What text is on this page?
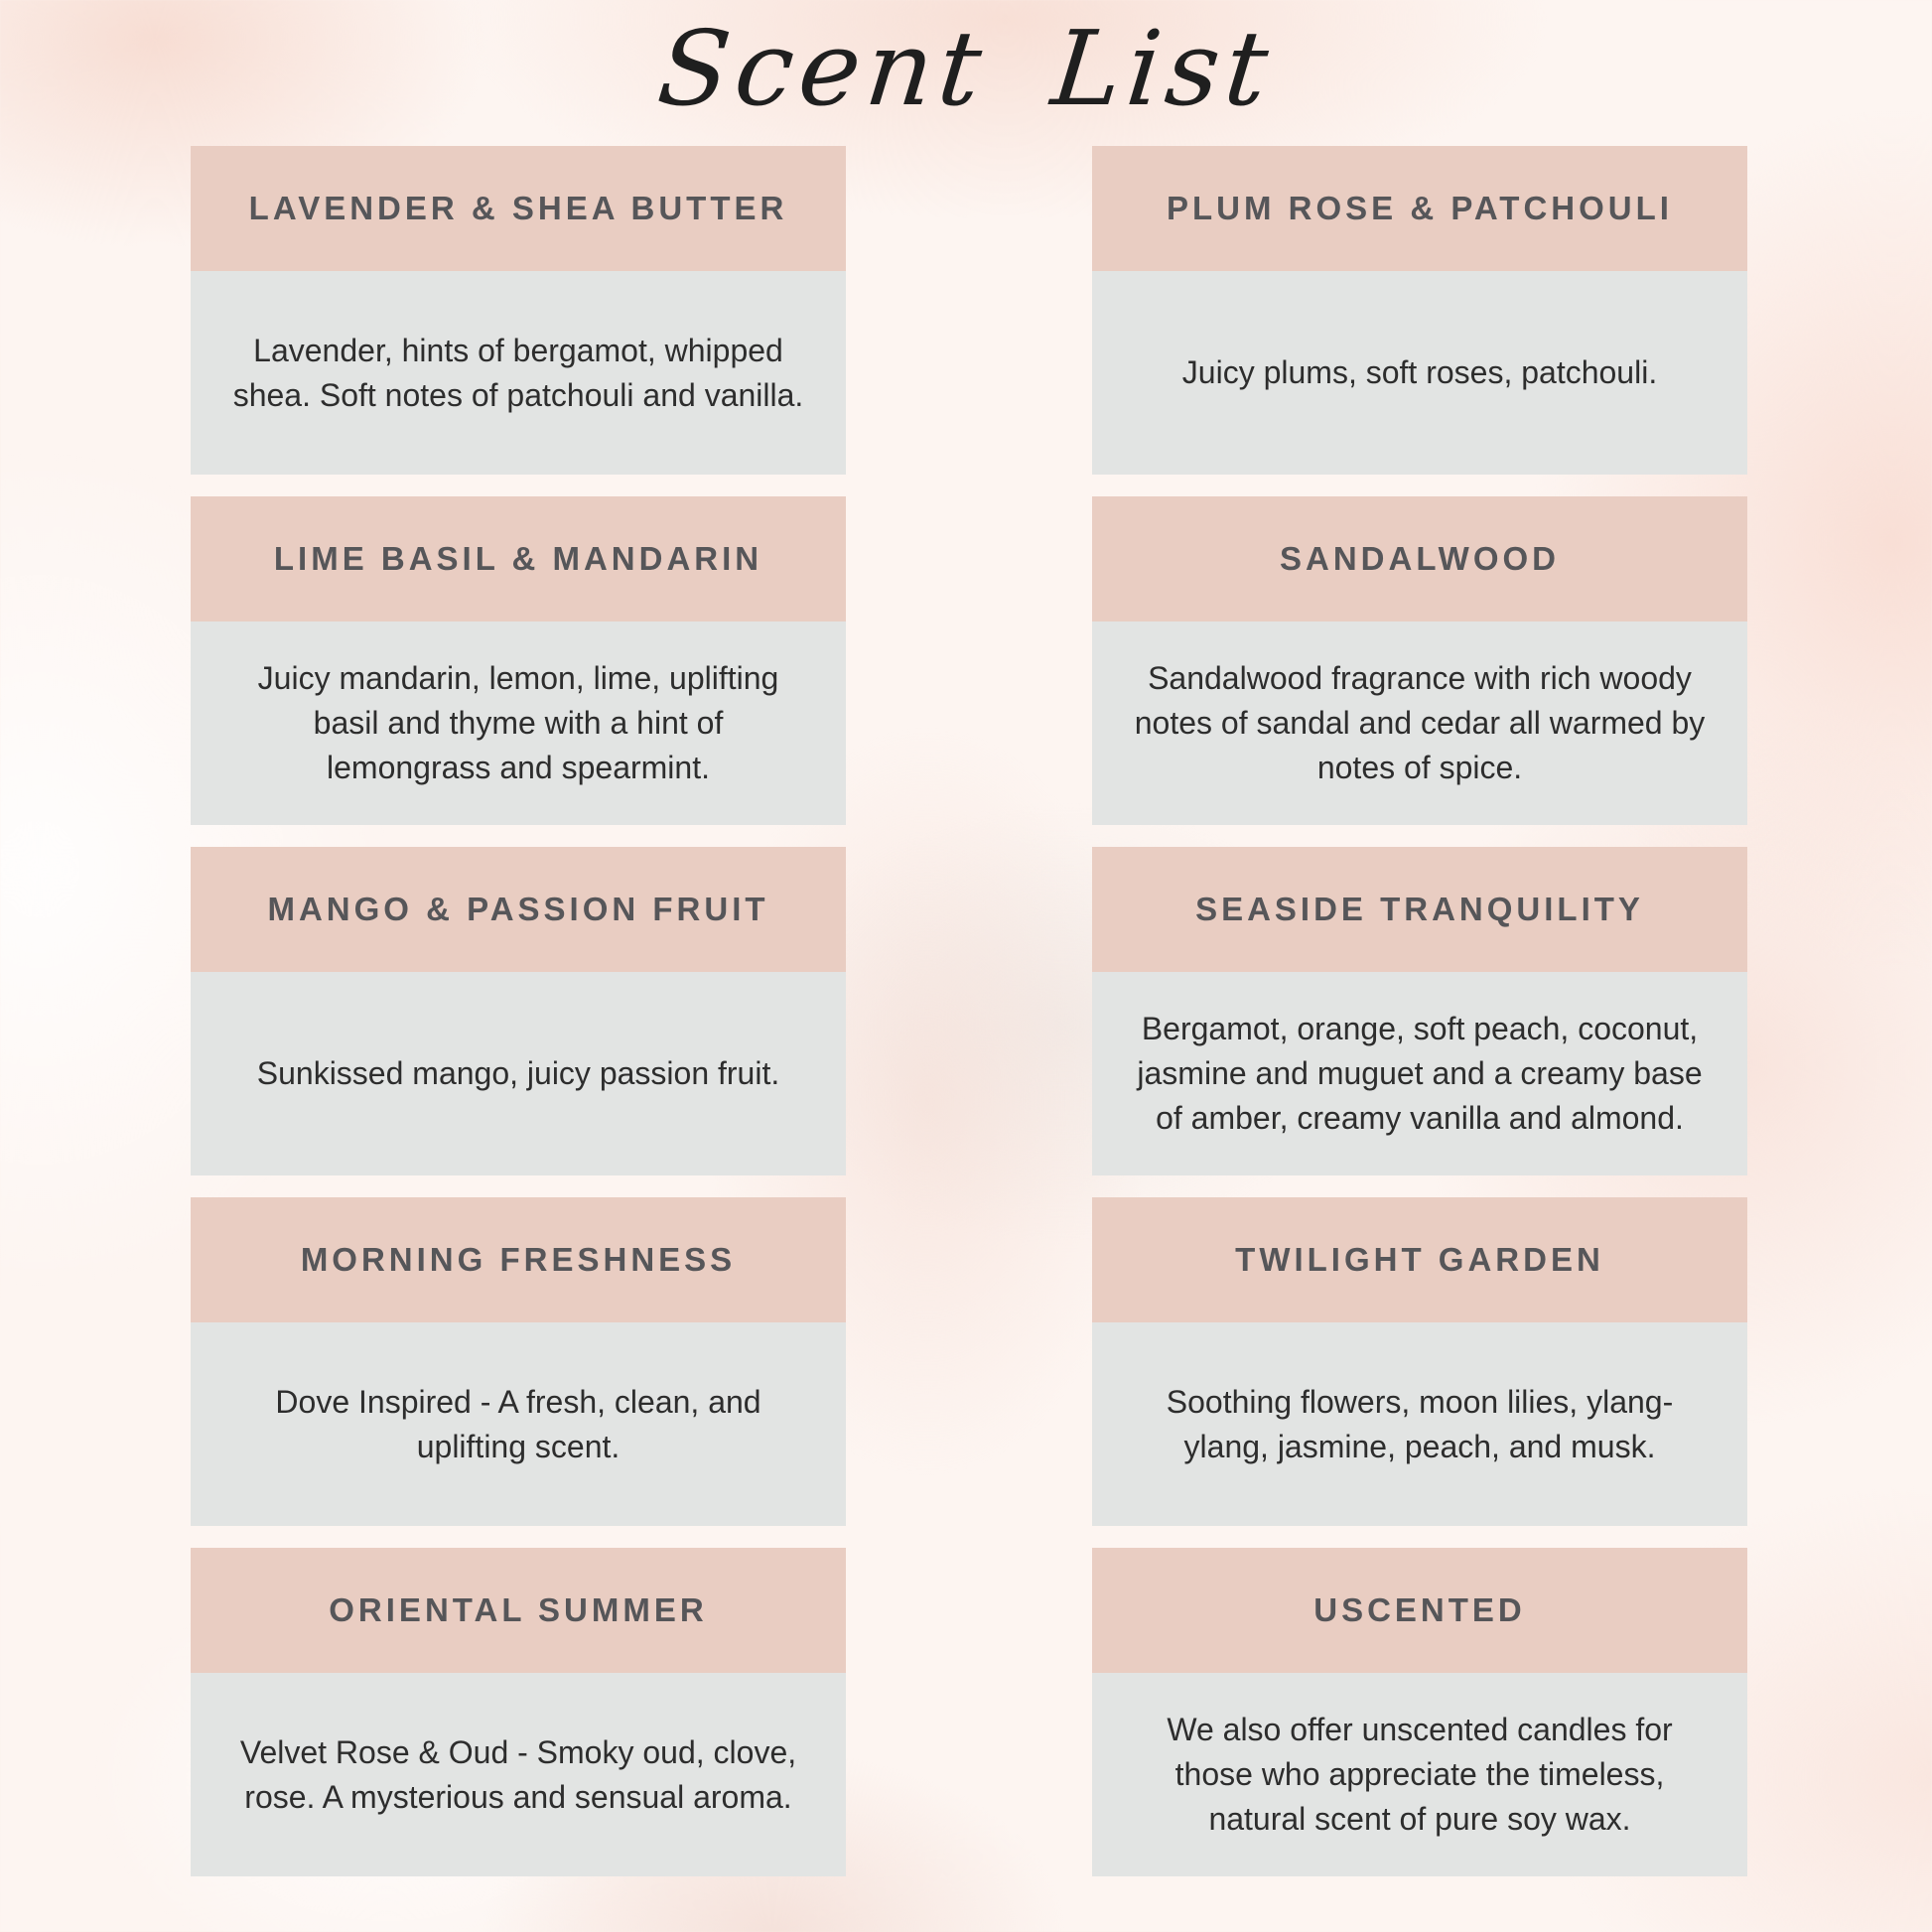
Scent List
LAVENDER & SHEA BUTTER
Lavender, hints of bergamot, whipped shea. Soft notes of patchouli and vanilla.
LIME BASIL & MANDARIN
Juicy mandarin, lemon, lime, uplifting basil and thyme with a hint of lemongrass and spearmint.
MANGO & PASSION FRUIT
Sunkissed mango, juicy passion fruit.
MORNING FRESHNESS
Dove Inspired - A fresh, clean, and uplifting scent.
ORIENTAL SUMMER
Velvet Rose & Oud - Smoky oud, clove, rose. A mysterious and sensual aroma.
PLUM ROSE & PATCHOULI
Juicy plums, soft roses, patchouli.
SANDALWOOD
Sandalwood fragrance with rich woody notes of sandal and cedar all warmed by notes of spice.
SEASIDE TRANQUILITY
Bergamot, orange, soft peach, coconut, jasmine and muguet and a creamy base of amber, creamy vanilla and almond.
TWILIGHT GARDEN
Soothing flowers, moon lilies, ylang-ylang, jasmine, peach, and musk.
USCENTED
We also offer unscented candles for those who appreciate the timeless, natural scent of pure soy wax.
